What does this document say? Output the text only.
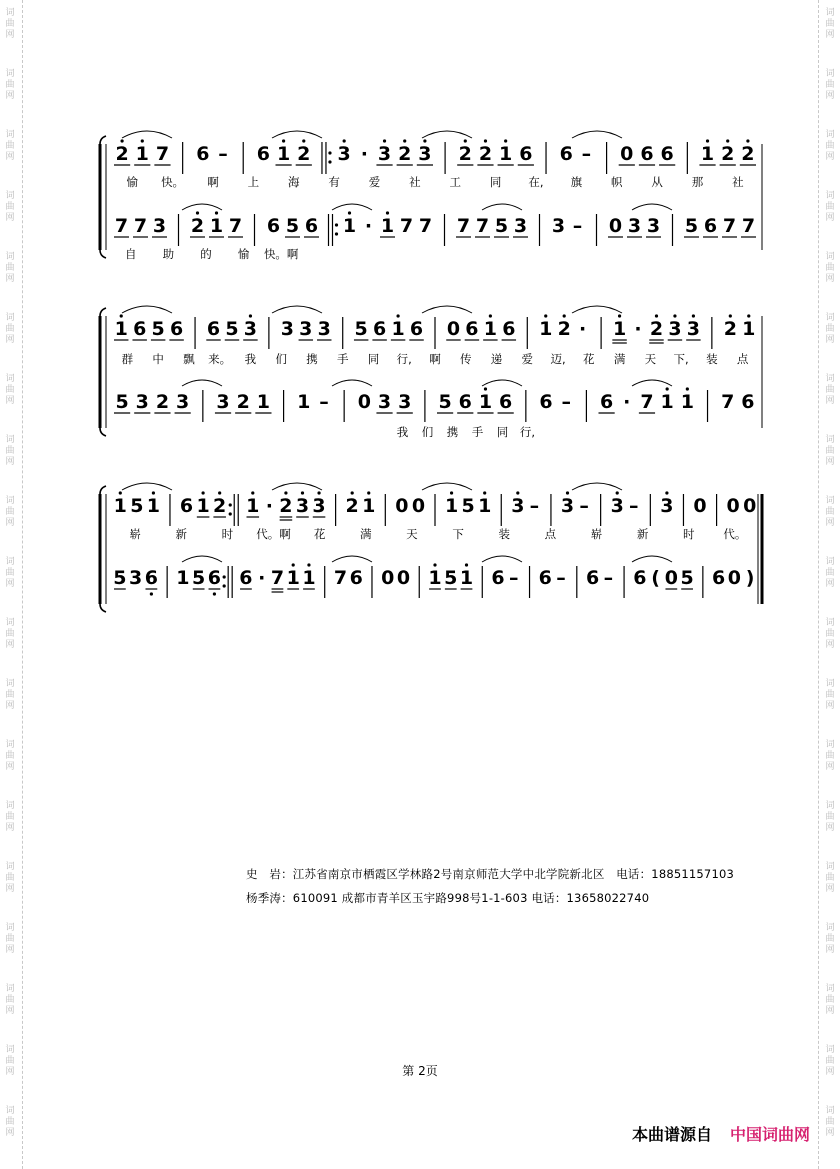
词
曲
网
词
曲
网
词
曲
网
词
曲
网
词
曲
网
词
曲
网
词
曲
网
词
曲
网
词
曲
网
词
曲
网
词
曲
网
词
曲
网
词
曲
网
词
曲
网
词
曲
网
词
曲
网
词
曲
网
词
曲
网
词
曲
网
词
曲
网
词
曲
网
词
曲
网
词
曲
网
词
曲
网
词
曲
网
词
曲
网
词
曲
网
词
曲
网
词
曲
网
词
曲
网
词
曲
网
词
曲
网
词
曲
网
词
曲
网
词
曲
网
词
曲
网
词
曲
网
词
曲
网
2 1 7 6 – 6 1 2 3 · 3 2 3 2 2 1 6 6 – 0 6 6 1 2 2
愉 快。 啊	上	海	有	爱	社	工	同 在, 旗	帜	从	那	社
7 7 3 2 1 7 6 5 6 1 · 1 7 7 7 7 5 3 3 – 0 3 3 5 6 7 7
自 助 的 愉 快。啊
1 6 5 6 6 5 3 3 3 3 5 6 1 6 0 6 1 6 1 2 · 1 · 2 3 3 2 1
群 中 飘 来。 我 们 携 手 同 行, 啊 传 递 爱 迈, 花 满 天 下, 装 点
5 3 2 3 3 2 1 1 – 0 3 3 5 6 1 6 6 – 6 · 7 1 1 7 6
我 们 携 手 同 行,
1 5 1 6 1 2 1 · 2 3 3 2 1 0 0 1 5 1 3 – 3 – 3 – 3 0 0 0
崭	新	时 代。啊 花	满	天	下	装	点	崭	新	时	代。
5 3 6 1 5 6 6 · 7 1 1 7 6 0 0 1 5 1 6 – 6 – 6 – 6 ( 0 5 6 0 )
史　岩：江苏省南京市栖霞区学林路2号南京师范大学中北学院新北区　电话：18851157103
杨季涛：610091 成都市青羊区玉宇路998号1-1-603 电话：13658022740
第 2页
本曲谱源自 中国词曲网
